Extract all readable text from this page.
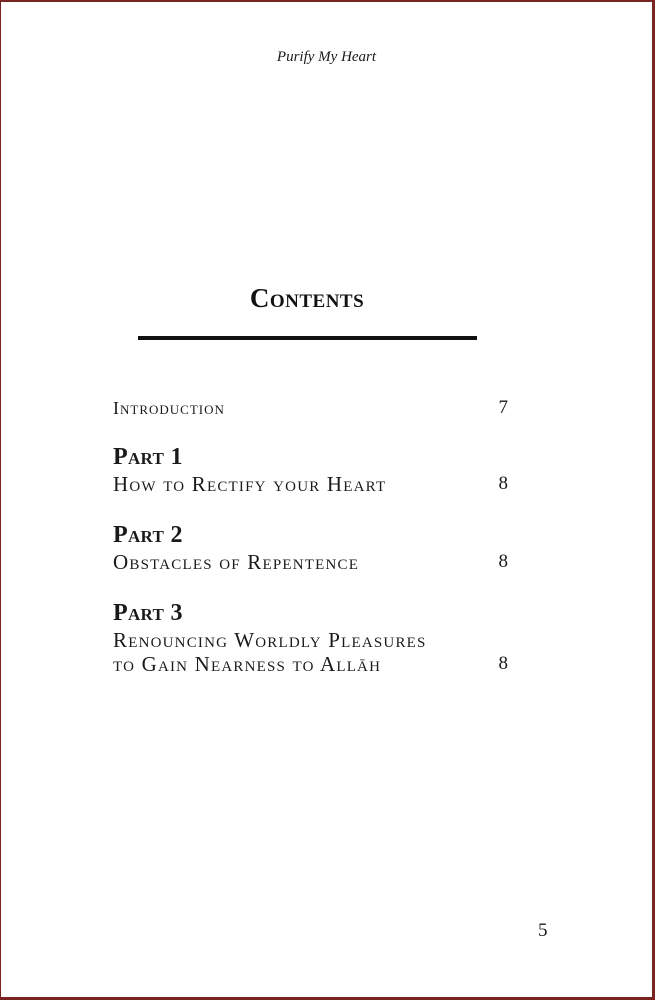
Purify My Heart
Contents
Introduction	7
Part 1
How to Rectify your Heart	8
Part 2
Obstacles of Repentence	8
Part 3
Renouncing Worldly Pleasures
to Gain Nearness to Allāh	8
5
